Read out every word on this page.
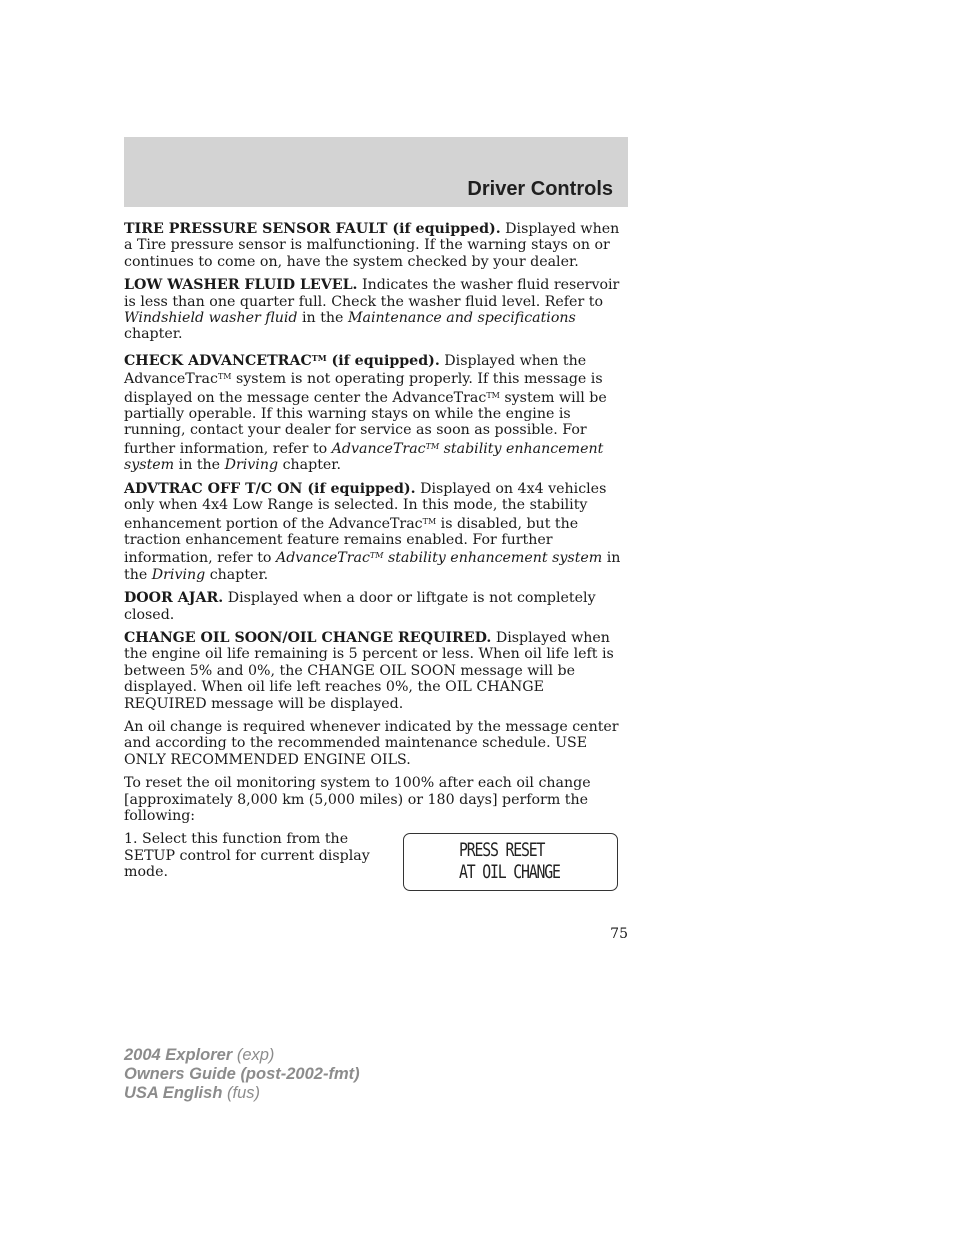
Driver Controls

TIRE PRESSURE SENSOR FAULT (if equipped). Displayed when a Tire pressure sensor is malfunctioning. If the warning stays on or continues to come on, have the system checked by your dealer.

LOW WASHER FLUID LEVEL. Indicates the washer fluid reservoir is less than one quarter full. Check the washer fluid level. Refer to Windshield washer fluid in the Maintenance and specifications chapter.

CHECK ADVANCETRAC™ (if equipped). Displayed when the AdvanceTrac™ system is not operating properly. If this message is displayed on the message center the AdvanceTrac™ system will be partially operable. If this warning stays on while the engine is running, contact your dealer for service as soon as possible. For further information, refer to AdvanceTrac™ stability enhancement system in the Driving chapter.

ADVTRAC OFF T/C ON (if equipped). Displayed on 4x4 vehicles only when 4x4 Low Range is selected. In this mode, the stability enhancement portion of the AdvanceTrac™ is disabled, but the traction enhancement feature remains enabled. For further information, refer to AdvanceTrac™ stability enhancement system in the Driving chapter.

DOOR AJAR. Displayed when a door or liftgate is not completely closed.

CHANGE OIL SOON/OIL CHANGE REQUIRED. Displayed when the engine oil life remaining is 5 percent or less. When oil life left is between 5% and 0%, the CHANGE OIL SOON message will be displayed. When oil life left reaches 0%, the OIL CHANGE REQUIRED message will be displayed.

An oil change is required whenever indicated by the message center and according to the recommended maintenance schedule. USE ONLY RECOMMENDED ENGINE OILS.

To reset the oil monitoring system to 100% after each oil change [approximately 8,000 km (5,000 miles) or 180 days] perform the following:

1. Select this function from the SETUP control for current display mode.

PRESS RESET
AT OIL CHANGE
75
2004 Explorer (exp)
Owners Guide (post-2002-fmt)
USA English (fus)
